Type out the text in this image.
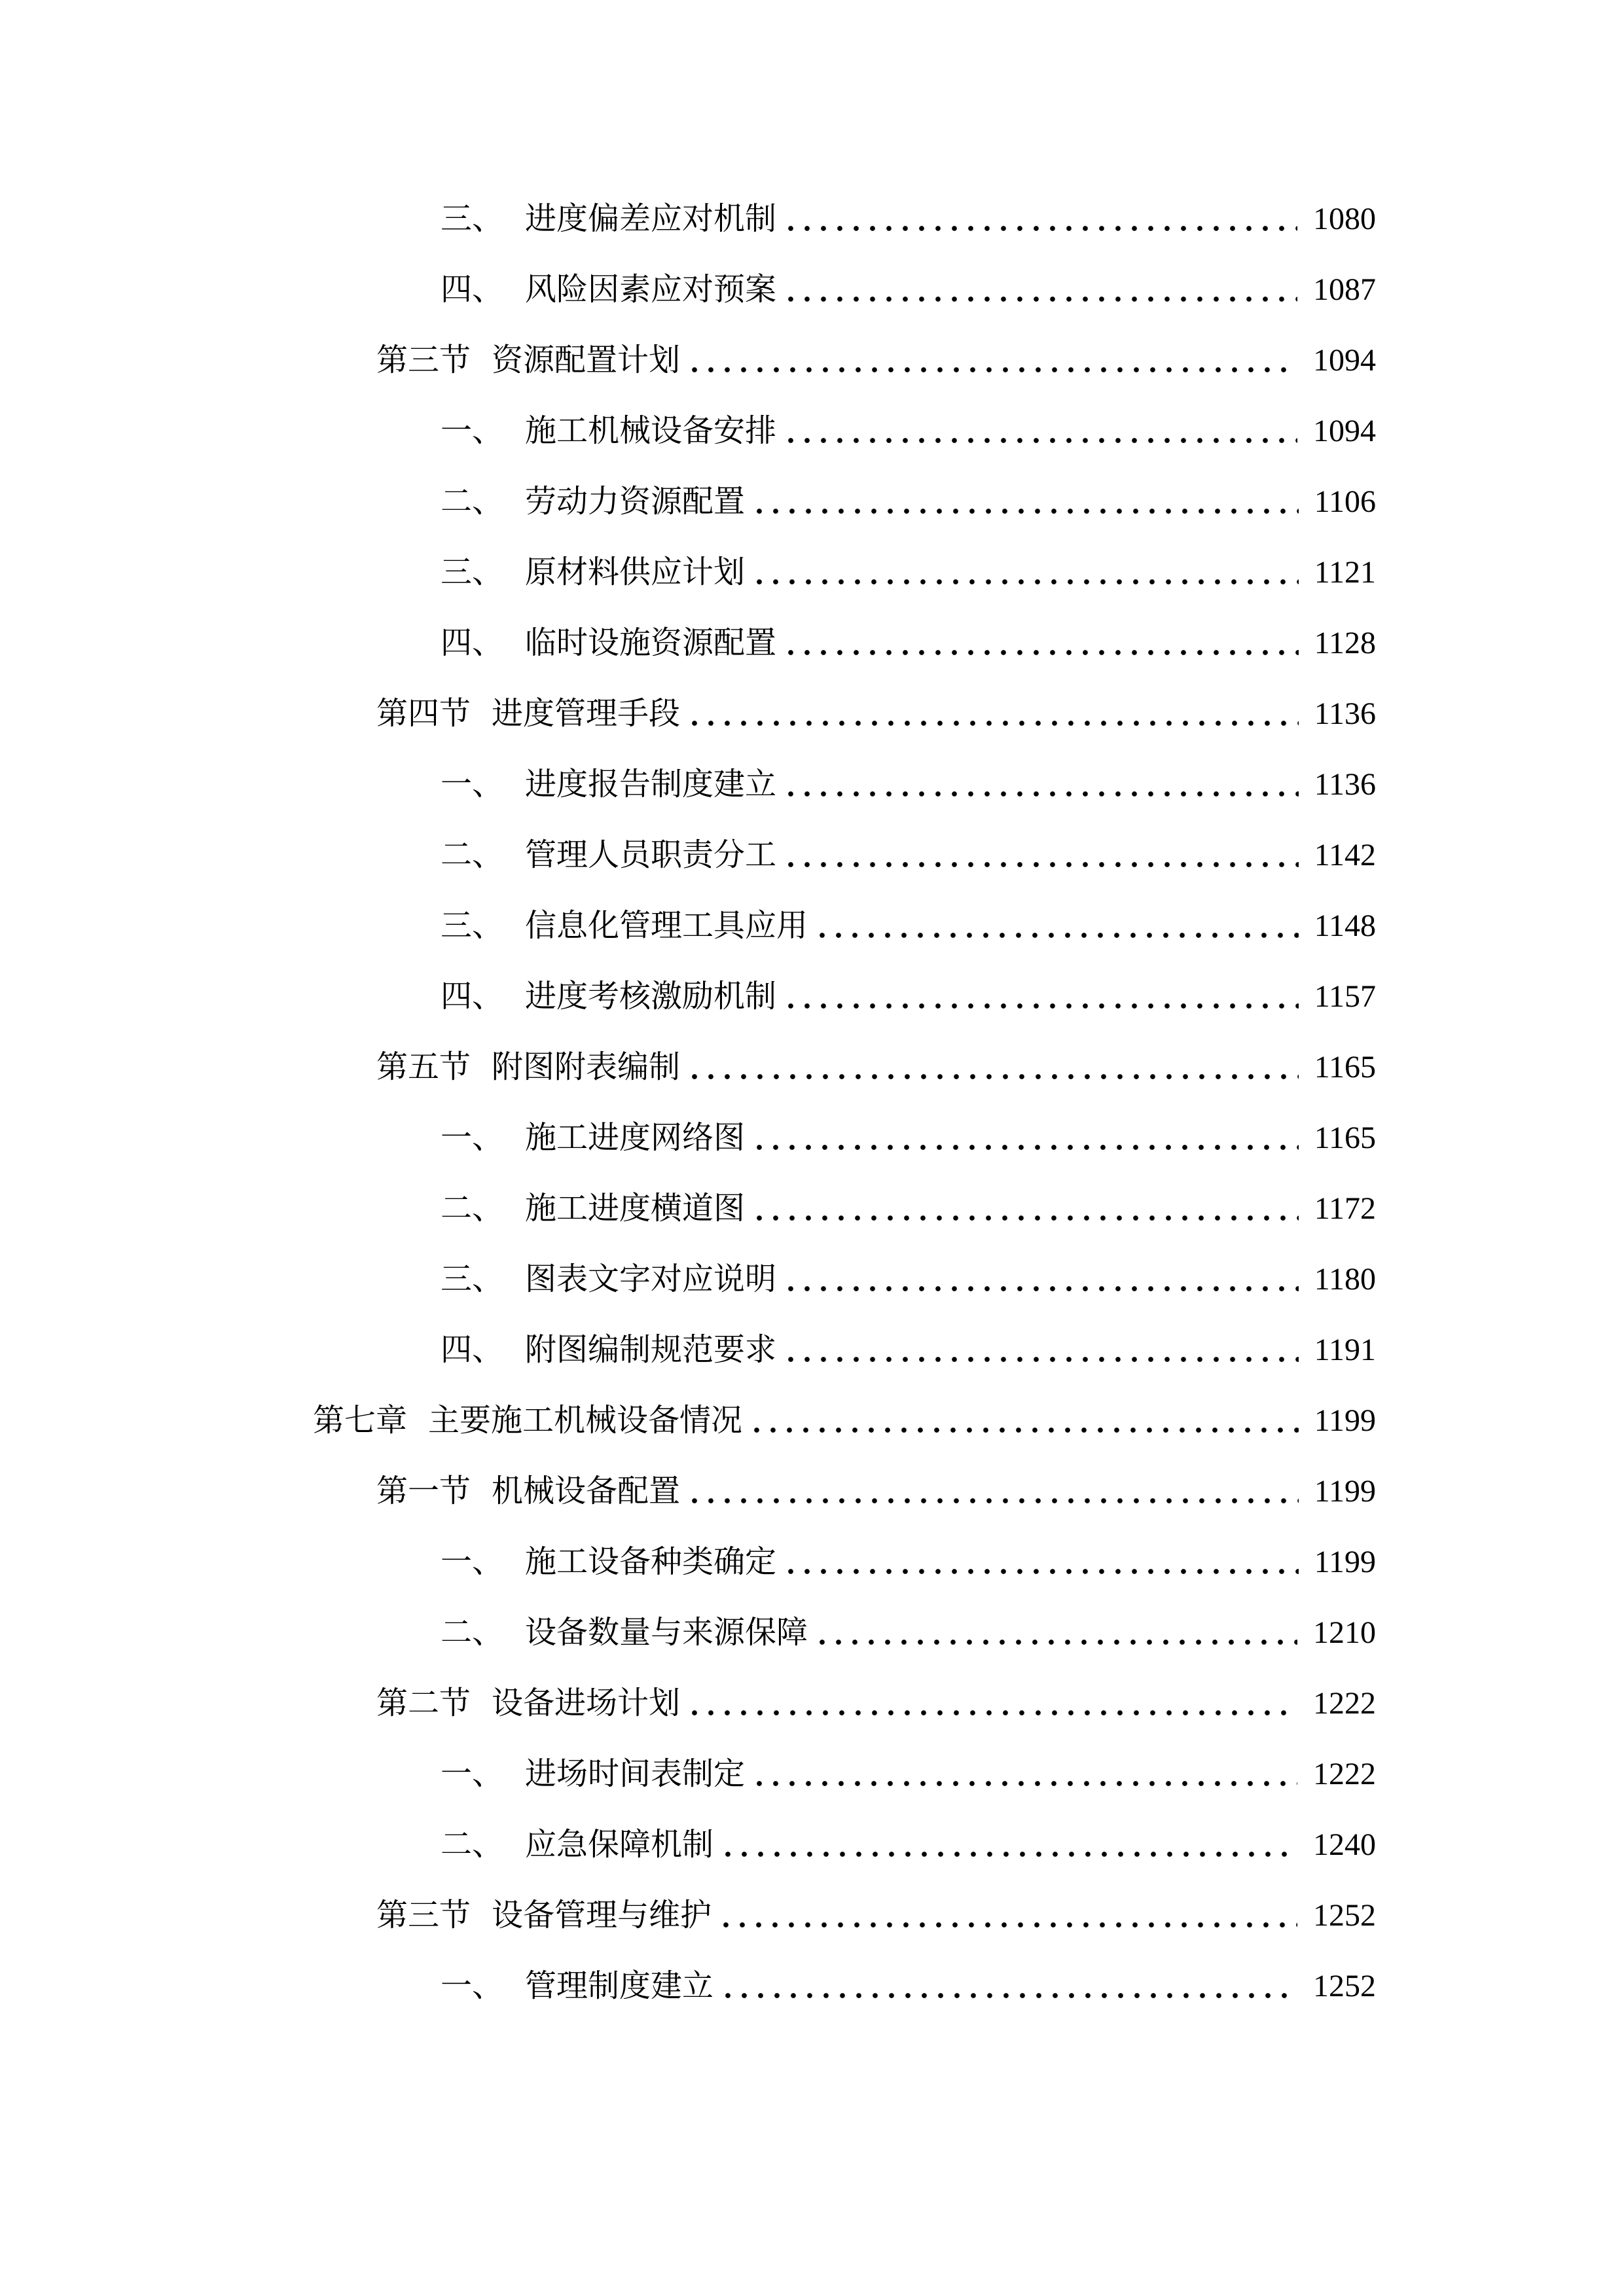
三、 进度偏差应对机制	1080
四、 风险因素应对预案	1087
第三节 资源配置计划	1094
一、 施工机械设备安排	1094
二、 劳动力资源配置	1106
三、 原材料供应计划	1121
四、 临时设施资源配置	1128
第四节 进度管理手段	1136
一、 进度报告制度建立	1136
二、 管理人员职责分工	1142
三、 信息化管理工具应用	1148
四、 进度考核激励机制	1157
第五节 附图附表编制	1165
一、 施工进度网络图	1165
二、 施工进度横道图	1172
三、 图表文字对应说明	1180
四、 附图编制规范要求	1191
第七章 主要施工机械设备情况	1199
第一节 机械设备配置	1199
一、 施工设备种类确定	1199
二、 设备数量与来源保障	1210
第二节 设备进场计划	1222
一、 进场时间表制定	1222
二、 应急保障机制	1240
第三节 设备管理与维护	1252
一、 管理制度建立	1252
